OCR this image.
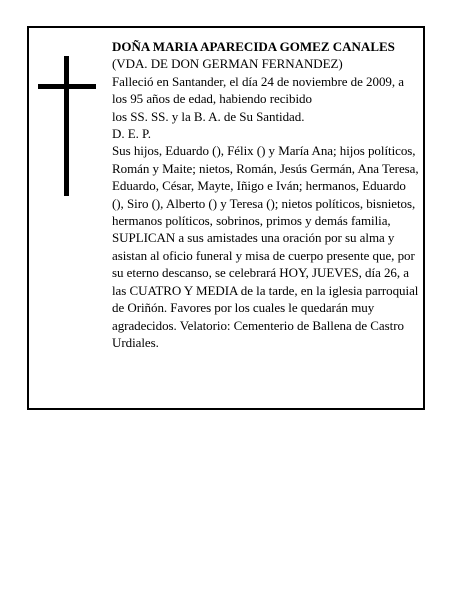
DOÑA MARIA APARECIDA GOMEZ CANALES
(VDA. DE DON GERMAN FERNANDEZ)
Falleció en Santander, el día 24 de noviembre de 2009, a los 95 años de edad, habiendo recibido
los SS. SS. y la B. A. de Su Santidad.
D. E. P.
Sus hijos, Eduardo (), Félix () y María Ana; hijos políticos, Román y Maite; nietos, Román, Jesús Germán, Ana Teresa, Eduardo, César, Mayte, Iñigo e Iván; hermanos, Eduardo (), Siro (), Alberto () y Teresa (); nietos políticos, bisnietos, hermanos políticos, sobrinos, primos y demás familia,
SUPLICAN a sus amistades una oración por su alma y asistan al oficio funeral y misa de cuerpo presente que, por su eterno descanso, se celebrará HOY, JUEVES, día 26, a las CUATRO Y MEDIA de la tarde, en la iglesia parroquial de Oriñón. Favores por los cuales le quedarán muy agradecidos. Velatorio: Cementerio de Ballena de Castro Urdiales.
